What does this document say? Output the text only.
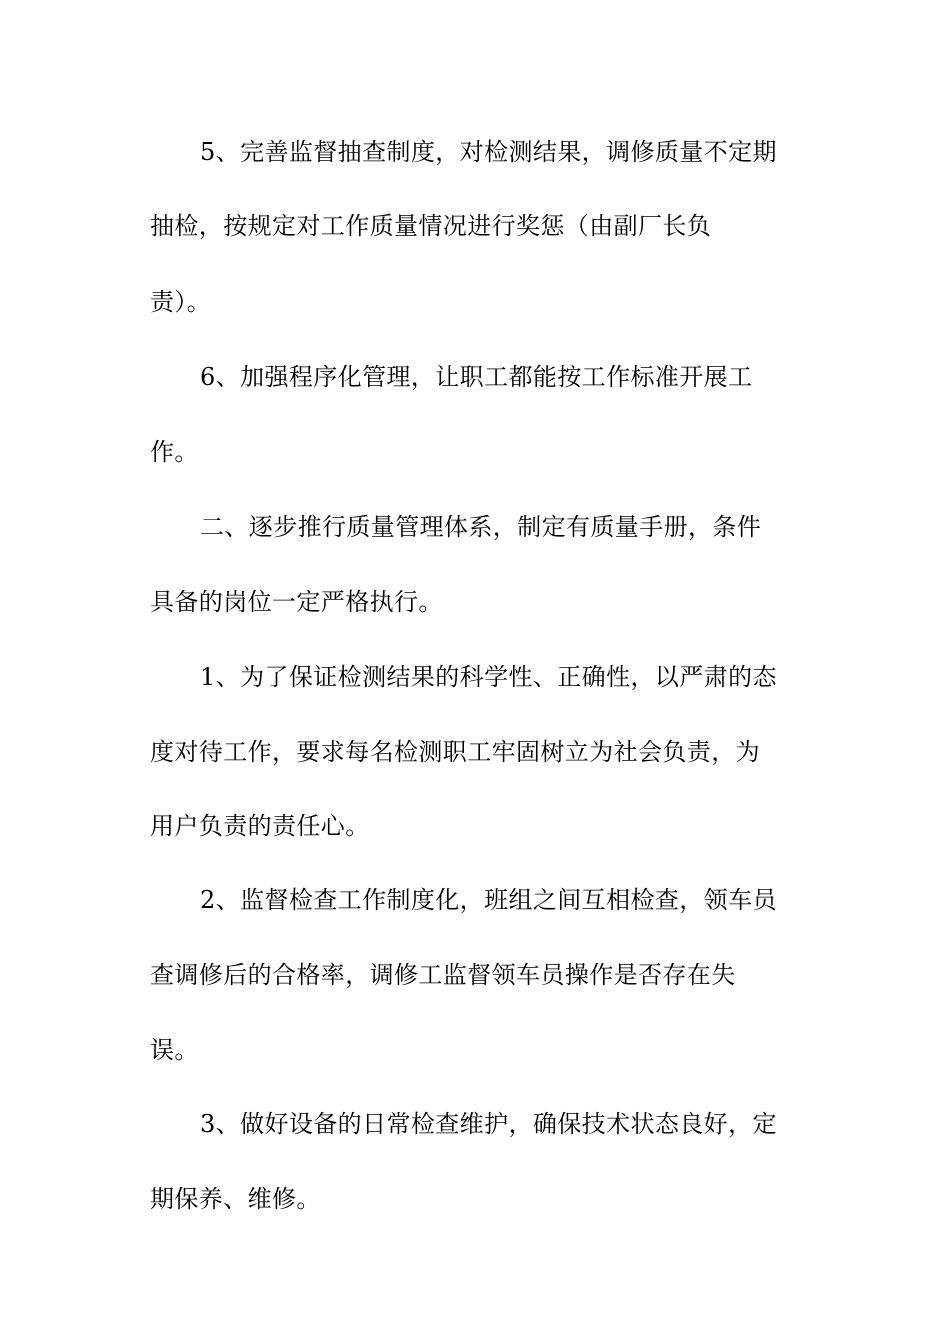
5、完善监督抽查制度，对检测结果，调修质量不定期
抽检，按规定对工作质量情况进行奖惩（由副厂长负
责）。
6、加强程序化管理，让职工都能按工作标准开展工
作。
二、逐步推行质量管理体系，制定有质量手册，条件
具备的岗位一定严格执行。
1、为了保证检测结果的科学性、正确性，以严肃的态
度对待工作，要求每名检测职工牢固树立为社会负责，为
用户负责的责任心。
2、监督检查工作制度化，班组之间互相检查，领车员
查调修后的合格率，调修工监督领车员操作是否存在失
误。
3、做好设备的日常检查维护，确保技术状态良好，定
期保养、维修。
